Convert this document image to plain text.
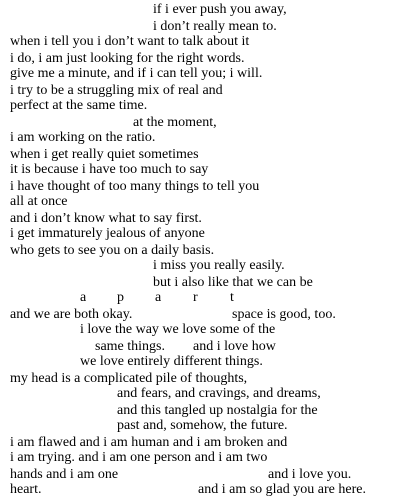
if i ever push you away,
i don’t really mean to.
when i tell you i don’t want to talk about it
i do, i am just looking for the right words.
give me a minute, and if i can tell you; i will.
i try to be a struggling mix of real and
perfect at the same time.
at the moment,
i am working on the ratio.
when i get really quiet sometimes
it is because i have too much to say
i have thought of too many things to tell you
all at once
and i don’t know what to say first.
i get immaturely jealous of anyone
who gets to see you on a daily basis.
i miss you really easily.
but i also like that we can be
a p a r t
and we are both okay.	space is good, too.
i love the way we love some of the
same things. and i love how
we love entirely different things.
my head is a complicated pile of thoughts,
and fears, and cravings, and dreams,
and this tangled up nostalgia for the
past and, somehow, the future.
i am flawed and i am human and i am broken and
i am trying. and i am one person and i am two
hands and i am one	and i love you.
heart.	and i am so glad you are here.
